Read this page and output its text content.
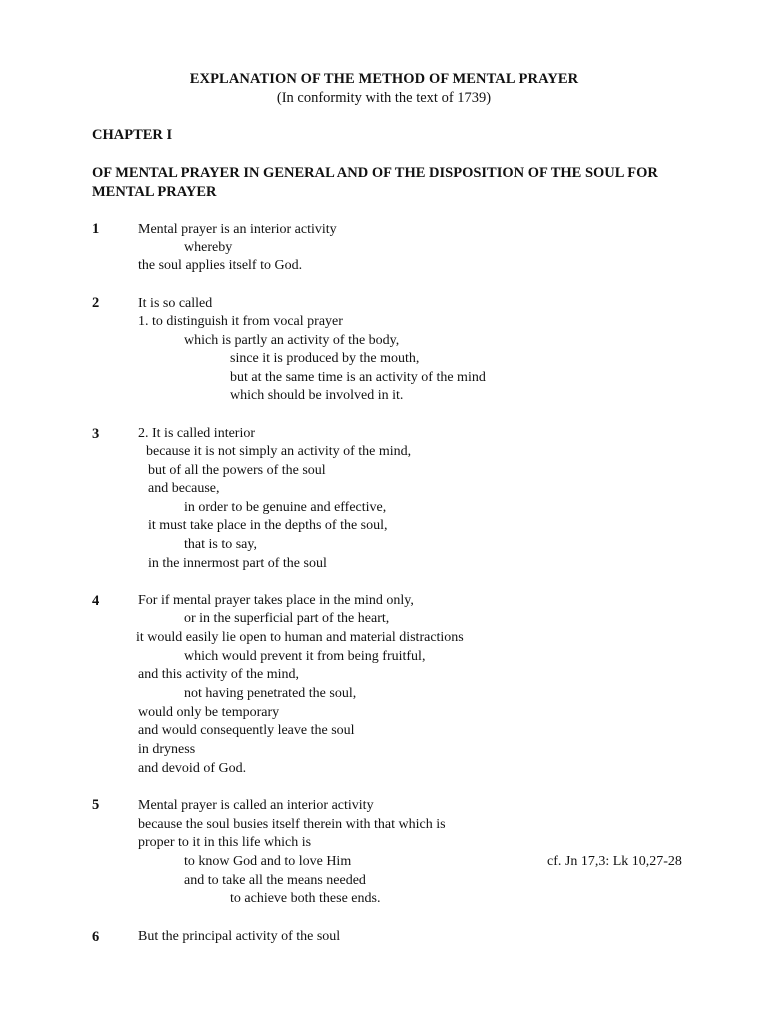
EXPLANATION OF THE METHOD OF MENTAL PRAYER
(In conformity with the text of 1739)
CHAPTER I
OF MENTAL PRAYER IN GENERAL AND OF THE DISPOSITION OF THE SOUL FOR
MENTAL PRAYER
1	Mental prayer is an interior activity
whereby
the soul applies itself to God.
2	It is so called
1. to distinguish it from vocal prayer
which is partly an activity of the body,
since it is produced by the mouth,
but at the same time is an activity of the mind
which should be involved in it.
3	2. It is called interior
because it is not simply an activity of the mind,
but of all the powers of the soul
and because,
in order to be genuine and effective,
it must take place in the depths of the soul,
that is to say,
in the innermost part of the soul
4	For if mental prayer takes place in the mind only,
or in the superficial part of the heart,
it would easily lie open to human and material distractions
which would prevent it from being fruitful,
and this activity of the mind,
not having penetrated the soul,
would only be temporary
and would consequently leave the soul
in dryness
and devoid of God.
5	Mental prayer is called an interior activity
because the soul busies itself therein with that which is
proper to it in this life which is
to know God and to love Him	cf. Jn 17,3: Lk 10,27-28
and to take all the means needed
to achieve both these ends.
6	But the principal activity of the soul
